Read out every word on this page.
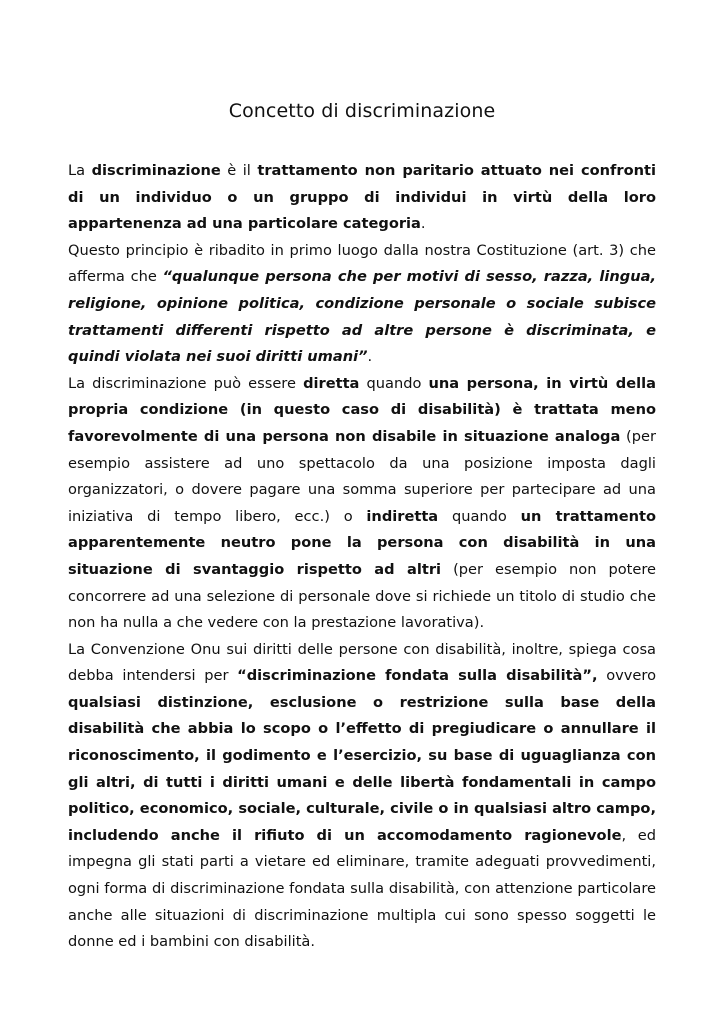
Concetto di discriminazione

La discriminazione è il trattamento non paritario attuato nei confronti di un individuo o un gruppo di individui in virtù della loro appartenenza ad una particolare categoria.

Questo principio è ribadito in primo luogo dalla nostra Costituzione (art. 3) che afferma che “qualunque persona che per motivi di sesso, razza, lingua, religione, opinione politica, condizione personale o sociale subisce trattamenti differenti rispetto ad altre persone è discriminata, e quindi violata nei suoi diritti umani”.

La discriminazione può essere diretta quando una persona, in virtù della propria condizione (in questo caso di disabilità) è trattata meno favorevolmente di una persona non disabile in situazione analoga (per esempio assistere ad uno spettacolo da una posizione imposta dagli organizzatori, o dovere pagare una somma superiore per partecipare ad una iniziativa di tempo libero, ecc.) o indiretta quando un trattamento apparentemente neutro pone la persona con disabilità in una situazione di svantaggio rispetto ad altri (per esempio non potere concorrere ad una selezione di personale dove si richiede un titolo di studio che non ha nulla a che vedere con la prestazione lavorativa).

La Convenzione Onu sui diritti delle persone con disabilità, inoltre, spiega cosa debba intendersi per “discriminazione fondata sulla disabilità”, ovvero qualsiasi distinzione, esclusione o restrizione sulla base della disabilità che abbia lo scopo o l’effetto di pregiudicare o annullare il riconoscimento, il godimento e l’esercizio, su base di uguaglianza con gli altri, di tutti i diritti umani e delle libertà fondamentali in campo politico, economico, sociale, culturale, civile o in qualsiasi altro campo, includendo anche il rifiuto di un accomodamento ragionevole, ed impegna gli stati parti a vietare ed eliminare, tramite adeguati provvedimenti, ogni forma di discriminazione fondata sulla disabilità, con attenzione particolare anche alle situazioni di discriminazione multipla cui sono spesso soggetti le donne ed i bambini con disabilità.
